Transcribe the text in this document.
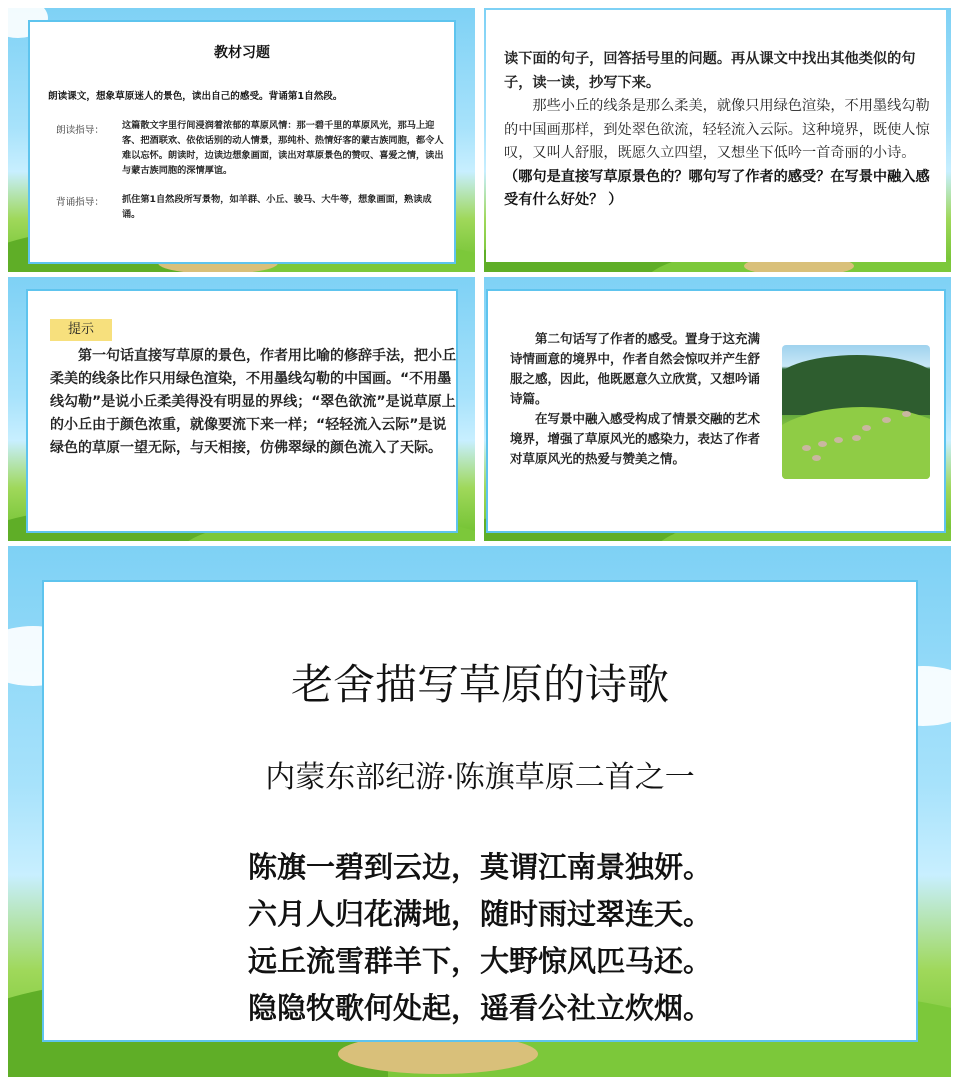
教材习题
朗读课文，想象草原迷人的景色，读出自己的感受。背诵第1自然段。
朗读指导： 这篇散文字里行间浸润着浓郁的草原风情：那一碧千里的草原风光，那马上迎客、把酒联欢、依依话别的动人情景，那纯朴、热情好客的蒙古族同胞，都令人难以忘怀。朗读时，边读边想象画面，读出对草原景色的赞叹、喜爱之情，读出与蒙古族同胞的深情厚谊。
背诵指导： 抓住第1自然段所写景物，如羊群、小丘、骏马、大牛等，想象画面，熟读成诵。
读下面的句子，回答括号里的问题。再从课文中找出其他类似的句子，读一读，抄写下来。
那些小丘的线条是那么柔美，就像只用绿色渲染，不用墨线勾勒的中国画那样，到处翠色欲流，轻轻流入云际。这种境界，既使人惊叹，又叫人舒服，既愿久立四望，又想坐下低吟一首奇丽的小诗。（哪句是直接写草原景色的？哪句写了作者的感受？在写景中融入感受有什么好处？ ）
提示
第一句话直接写草原的景色，作者用比喻的修辞手法，把小丘柔美的线条比作只用绿色渲染，不用墨线勾勒的中国画。“不用墨线勾勒”是说小丘柔美得没有明显的界线；“翠色欲流”是说草原上的小丘由于颜色浓重，就像要流下来一样；“轻轻流入云际”是说绿色的草原一望无际，与天相接，仿佛翠绿的颜色流入了天际。

第二句话写了作者的感受。置身于这充满诗情画意的境界中，作者自然会惊叹并产生舒服之感，因此，他既愿意久立欣赏，又想吟诵诗篇。

在写景中融入感受构成了情景交融的艺术境界，增强了草原风光的感染力，表达了作者对草原风光的热爱与赞美之情。

老舍描写草原的诗歌
内蒙东部纪游·陈旗草原二首之一
陈旗一碧到云边，莫谓江南景独妍。
六月人归花满地，随时雨过翠连天。
远丘流雪群羊下，大野惊风匹马还。
隐隐牧歌何处起，遥看公社立炊烟。
